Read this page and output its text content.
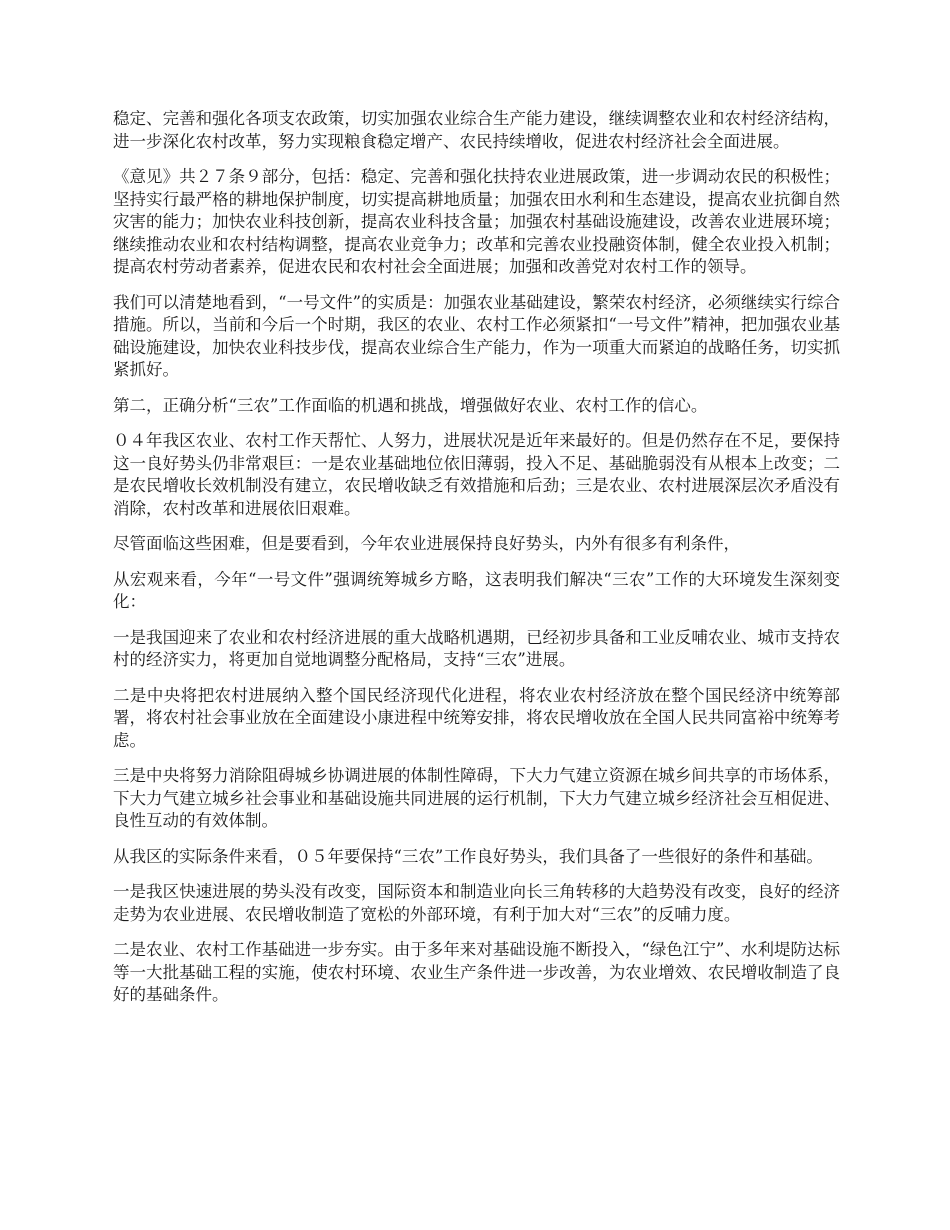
稳定、完善和强化各项支农政策，切实加强农业综合生产能力建设，继续调整农业和农村经济结构，进一步深化农村改革，努力实现粮食稳定增产、农民持续增收，促进农村经济社会全面进展。

《意见》共２７条９部分，包括：稳定、完善和强化扶持农业进展政策，进一步调动农民的积极性；坚持实行最严格的耕地保护制度，切实提高耕地质量；加强农田水利和生态建设，提高农业抗御自然灾害的能力；加快农业科技创新，提高农业科技含量；加强农村基础设施建设，改善农业进展环境；继续推动农业和农村结构调整，提高农业竞争力；改革和完善农业投融资体制，健全农业投入机制；提高农村劳动者素养，促进农民和农村社会全面进展；加强和改善党对农村工作的领导。

我们可以清楚地看到，“一号文件”的实质是：加强农业基础建设，繁荣农村经济，必须继续实行综合措施。所以，当前和今后一个时期，我区的农业、农村工作必须紧扣“一号文件”精神，把加强农业基础设施建设，加快农业科技步伐，提高农业综合生产能力，作为一项重大而紧迫的战略任务，切实抓紧抓好。

第二，正确分析“三农”工作面临的机遇和挑战，增强做好农业、农村工作的信心。

０４年我区农业、农村工作天帮忙、人努力，进展状况是近年来最好的。但是仍然存在不足，要保持这一良好势头仍非常艰巨：一是农业基础地位依旧薄弱，投入不足、基础脆弱没有从根本上改变；二是农民增收长效机制没有建立，农民增收缺乏有效措施和后劲；三是农业、农村进展深层次矛盾没有消除，农村改革和进展依旧艰难。

尽管面临这些困难，但是要看到，今年农业进展保持良好势头，内外有很多有利条件，

从宏观来看，今年“一号文件”强调统筹城乡方略，这表明我们解决“三农”工作的大环境发生深刻变化：

一是我国迎来了农业和农村经济进展的重大战略机遇期，已经初步具备和工业反哺农业、城市支持农村的经济实力，将更加自觉地调整分配格局，支持“三农”进展。

二是中央将把农村进展纳入整个国民经济现代化进程，将农业农村经济放在整个国民经济中统筹部署，将农村社会事业放在全面建设小康进程中统筹安排，将农民增收放在全国人民共同富裕中统筹考虑。

三是中央将努力消除阻碍城乡协调进展的体制性障碍，下大力气建立资源在城乡间共享的市场体系，下大力气建立城乡社会事业和基础设施共同进展的运行机制，下大力气建立城乡经济社会互相促进、良性互动的有效体制。

从我区的实际条件来看，０５年要保持“三农”工作良好势头，我们具备了一些很好的条件和基础。

一是我区快速进展的势头没有改变，国际资本和制造业向长三角转移的大趋势没有改变，良好的经济走势为农业进展、农民增收制造了宽松的外部环境，有利于加大对“三农”的反哺力度。

二是农业、农村工作基础进一步夯实。由于多年来对基础设施不断投入，“绿色江宁”、水利堤防达标等一大批基础工程的实施，使农村环境、农业生产条件进一步改善，为农业增效、农民增收制造了良好的基础条件。
